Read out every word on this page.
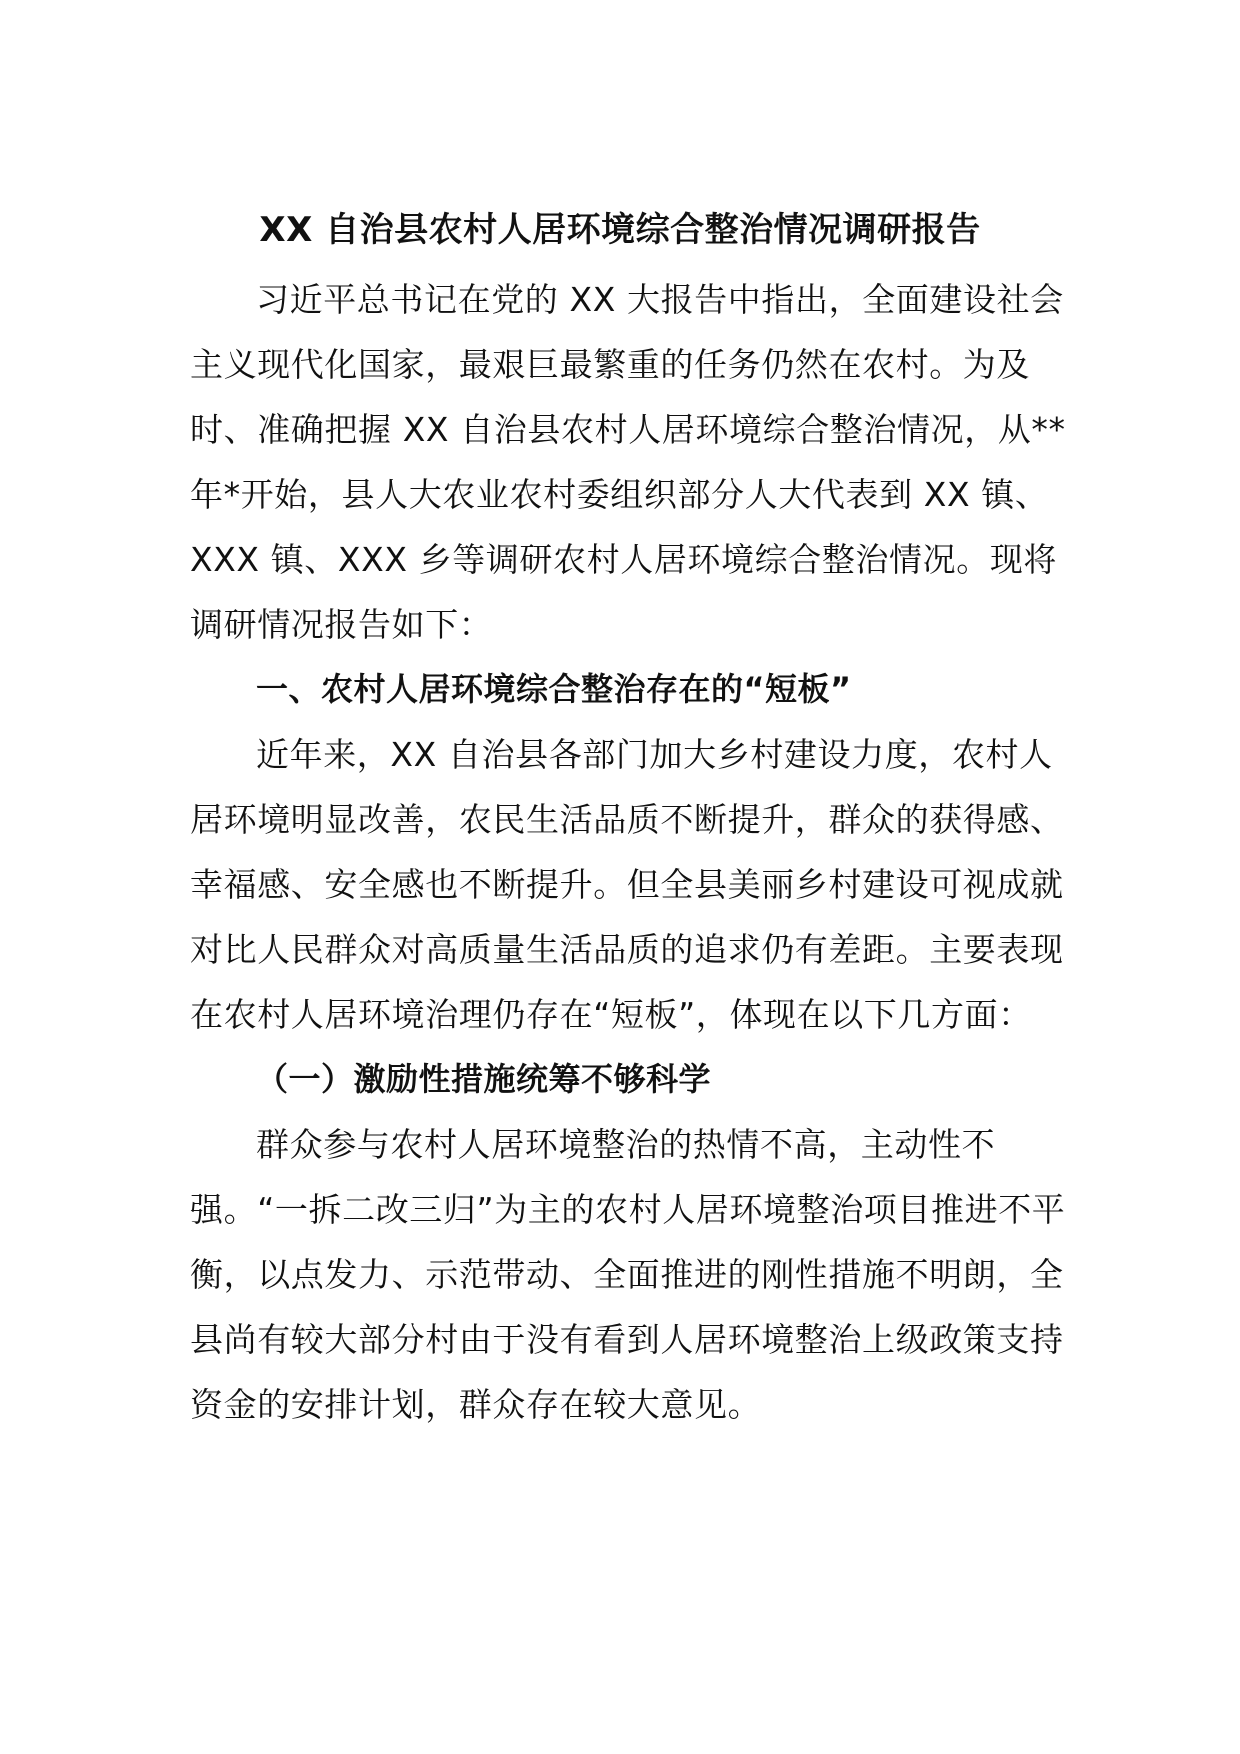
XX 自治县农村人居环境综合整治情况调研报告

习近平总书记在党的 XX 大报告中指出，全面建设社会主义现代化国家，最艰巨最繁重的任务仍然在农村。为及时、准确把握 XX 自治县农村人居环境综合整治情况，从**年*开始，县人大农业农村委组织部分人大代表到 XX 镇、XXX 镇、XXX 乡等调研农村人居环境综合整治情况。现将调研情况报告如下：

一、农村人居环境综合整治存在的“短板”

近年来，XX 自治县各部门加大乡村建设力度，农村人居环境明显改善，农民生活品质不断提升，群众的获得感、幸福感、安全感也不断提升。但全县美丽乡村建设可视成就对比人民群众对高质量生活品质的追求仍有差距。主要表现在农村人居环境治理仍存在“短板”，体现在以下几方面：

（一）激励性措施统筹不够科学

群众参与农村人居环境整治的热情不高，主动性不强。“一拆二改三归”为主的农村人居环境整治项目推进不平衡，以点发力、示范带动、全面推进的刚性措施不明朗，全县尚有较大部分村由于没有看到人居环境整治上级政策支持资金的安排计划，群众存在较大意见。
